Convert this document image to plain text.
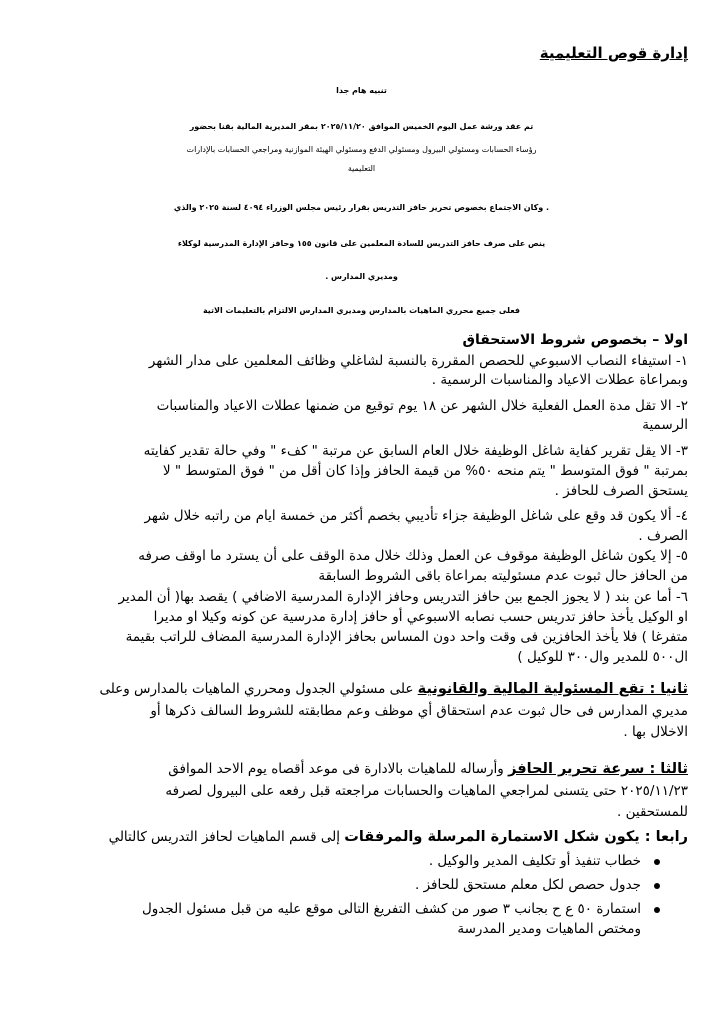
إدارة قوص التعليمية
تنبيه هام جدا
تم عقد ورشة عمل اليوم الخميس الموافق ٢٠٢٥/١١/٢٠ بمقر المديرية المالية بقنا بحضور
رؤساء الحسابات ومسئولي البيرول ومسئولي الدفع ومسئولي الهيئة الموازنية ومراجعي الحسابات بالإدارات
التعليمية
. وكان الاجتماع بخصوص تحرير حافز التدريس بقرار رئيس مجلس الوزراء ٤٠٩٤ لسنة ٢٠٢٥ والذي
ينص على صرف حافز التدريس للسادة المعلمين على قانون ١٥٥ وحافز الإدارة المدرسية لوكلاء
ومديري المدارس .
فعلى جميع محرري الماهيات بالمدارس ومديري المدارس الالتزام بالتعليمات الاتية
اولا – بخصوص شروط الاستحقاق
١- استيفاء النصاب الاسبوعي للحصص المقررة بالنسبة لشاغلي وظائف المعلمين على مدار الشهر
وبمراعاة عطلات الاعياد والمناسبات الرسمية .
٢- الا تقل مدة العمل الفعلية خلال الشهر عن ١٨ يوم توقيع من ضمنها عطلات الاعياد والمناسبات
الرسمية
٣- الا يقل تقرير كفاية شاغل الوظيفة خلال العام السابق عن مرتبة " كفء " وفي حالة تقدير كفايته
بمرتبة " فوق المتوسط " يتم منحه ٥٠% من قيمة الحافز وإذا كان أقل من " فوق المتوسط " لا
يستحق الصرف للحافز .
٤- ألا يكون قد وقع على شاغل الوظيفة جزاء تأديبي بخصم أكثر من خمسة ايام من راتبه خلال شهر
الصرف .
٥- إلا يكون شاغل الوظيفة موقوف عن العمل وذلك خلال مدة الوقف على أن يسترد ما اوقف صرفه
من الحافز حال ثبوت عدم مسئوليته بمراعاة باقى الشروط السابقة
٦- أما عن بند ( لا يجوز الجمع بين حافز التدريس وحافز الإدارة المدرسية الاضافي ) يقصد بها( أن المدير
او الوكيل يأخذ حافز تدريس حسب نصابه الاسبوعي أو حافز إدارة مدرسية عن كونه وكيلا او مديرا
متفرغا ) فلا يأخذ الحافزين فى وقت واحد دون المساس بحافز الإدارة المدرسية المضاف للراتب بقيمة
ال٥٠٠ للمدير وال٣٠٠ للوكيل )
ثانيا : تقع المسئولية المالية والقانونية على مسئولي الجدول ومحرري الماهيات بالمدارس وعلى
مديري المدارس فى حال ثبوت عدم استحقاق أي موظف وعم مطابقته للشروط السالف ذكرها أو
الاخلال بها .
ثالثا : سرعة تحرير الحافز وأرساله للماهيات بالادارة فى موعد أقصاه يوم الاحد الموافق
٢٠٢٥/١١/٢٣ حتى يتسنى لمراجعي الماهيات والحسابات مراجعته قبل رفعه على البيرول لصرفه
للمستحقين .
رابعا : يكون شكل الاستمارة المرسلة والمرفقات إلى قسم الماهيات لحافز التدريس كالتالي
خطاب تنفيذ أو تكليف المدير والوكيل .
جدول حصص لكل معلم مستحق للحافز .
استمارة ٥٠ ع ح بجانب ٣ صور من كشف التفريغ التالى موقع عليه من قبل مسئول الجدول
ومختص الماهيات ومدير المدرسة
